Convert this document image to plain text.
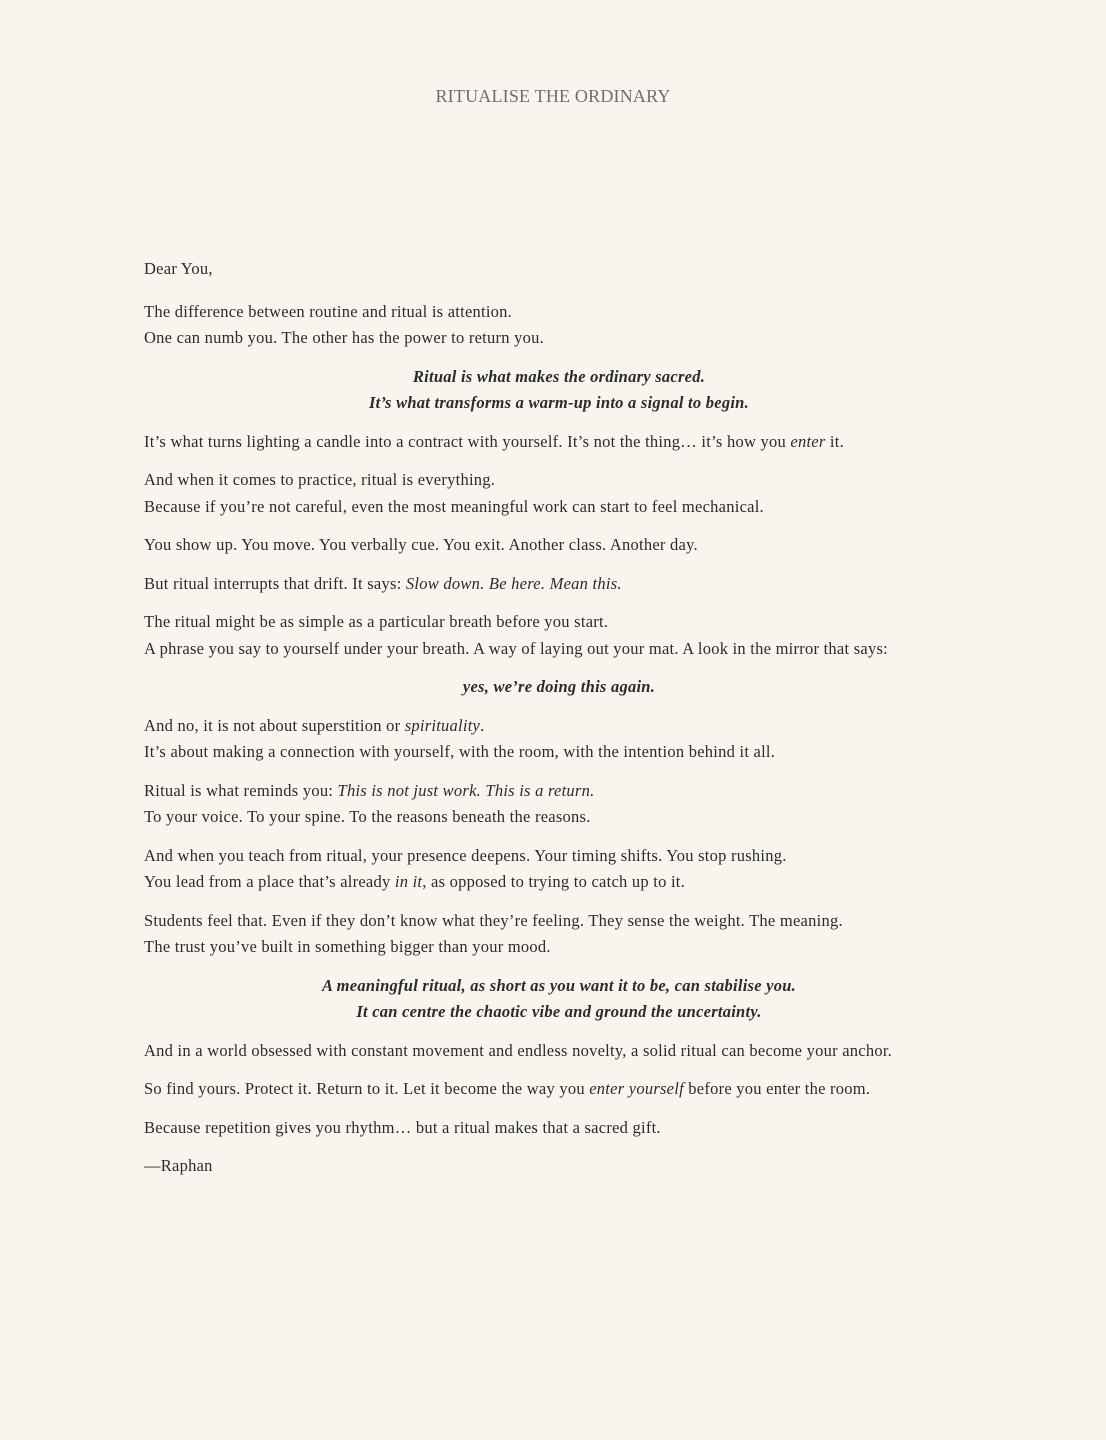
RITUALISE THE ORDINARY

Dear You,

The difference between routine and ritual is attention.
One can numb you. The other has the power to return you.

Ritual is what makes the ordinary sacred.
It’s what transforms a warm-up into a signal to begin.

It’s what turns lighting a candle into a contract with yourself. It’s not the thing… it’s how you enter it.

And when it comes to practice, ritual is everything.
Because if you’re not careful, even the most meaningful work can start to feel mechanical.

You show up. You move. You verbally cue. You exit. Another class. Another day.

But ritual interrupts that drift. It says: Slow down. Be here. Mean this.

The ritual might be as simple as a particular breath before you start.
A phrase you say to yourself under your breath. A way of laying out your mat. A look in the mirror that says:

yes, we’re doing this again.

And no, it is not about superstition or spirituality.
It’s about making a connection with yourself, with the room, with the intention behind it all.

Ritual is what reminds you: This is not just work. This is a return.
To your voice. To your spine. To the reasons beneath the reasons.

And when you teach from ritual, your presence deepens. Your timing shifts. You stop rushing.
You lead from a place that’s already in it, as opposed to trying to catch up to it.

Students feel that. Even if they don’t know what they’re feeling. They sense the weight. The meaning.
The trust you’ve built in something bigger than your mood.

A meaningful ritual, as short as you want it to be, can stabilise you.
It can centre the chaotic vibe and ground the uncertainty.

And in a world obsessed with constant movement and endless novelty, a solid ritual can become your anchor.

So find yours. Protect it. Return to it. Let it become the way you enter yourself before you enter the room.

Because repetition gives you rhythm… but a ritual makes that a sacred gift.

—Raphan
